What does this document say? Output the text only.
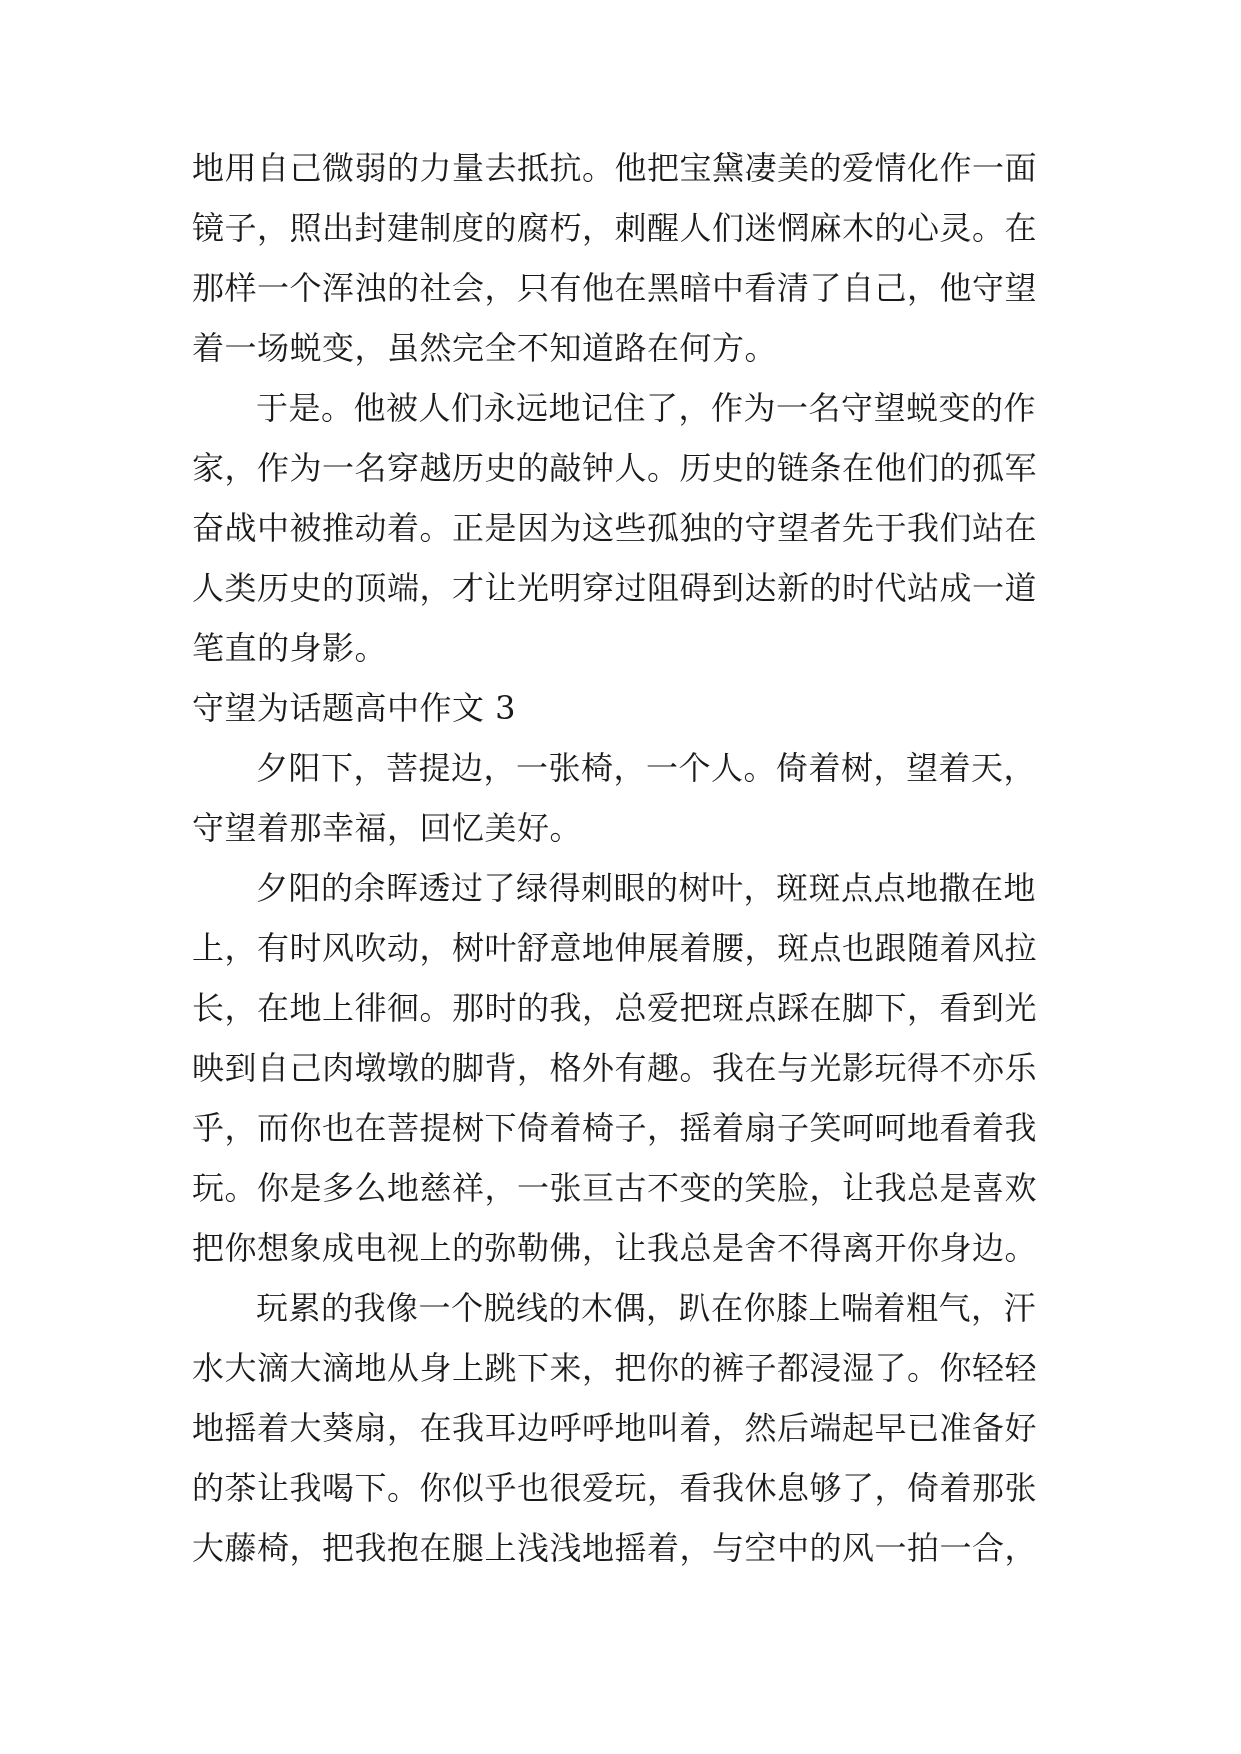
地用自己微弱的力量去抵抗。他把宝黛凄美的爱情化作一面
镜子，照出封建制度的腐朽，刺醒人们迷惘麻木的心灵。在
那样一个浑浊的社会，只有他在黑暗中看清了自己，他守望
着一场蜕变，虽然完全不知道路在何方。
于是。他被人们永远地记住了，作为一名守望蜕变的作
家，作为一名穿越历史的敲钟人。历史的链条在他们的孤军
奋战中被推动着。正是因为这些孤独的守望者先于我们站在
人类历史的顶端，才让光明穿过阻碍到达新的时代站成一道
笔直的身影。
守望为话题高中作文 3
夕阳下，菩提边，一张椅，一个人。倚着树，望着天，
守望着那幸福，回忆美好。
夕阳的余晖透过了绿得刺眼的树叶，斑斑点点地撒在地
上，有时风吹动，树叶舒意地伸展着腰，斑点也跟随着风拉
长，在地上徘徊。那时的我，总爱把斑点踩在脚下，看到光
映到自己肉墩墩的脚背，格外有趣。我在与光影玩得不亦乐
乎，而你也在菩提树下倚着椅子，摇着扇子笑呵呵地看着我
玩。你是多么地慈祥，一张亘古不变的笑脸，让我总是喜欢
把你想象成电视上的弥勒佛，让我总是舍不得离开你身边。
玩累的我像一个脱线的木偶，趴在你膝上喘着粗气，汗
水大滴大滴地从身上跳下来，把你的裤子都浸湿了。你轻轻
地摇着大葵扇，在我耳边呼呼地叫着，然后端起早已准备好
的茶让我喝下。你似乎也很爱玩，看我休息够了，倚着那张
大藤椅，把我抱在腿上浅浅地摇着，与空中的风一拍一合，
